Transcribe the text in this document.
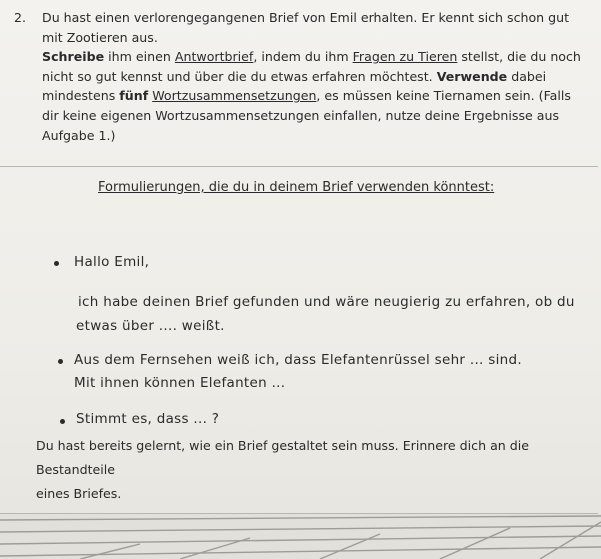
2. Du hast einen verlorengegangenen Brief von Emil erhalten. Er kennt sich schon gut
mit Zootieren aus.
Schreibe ihm einen Antwortbrief, indem du ihm Fragen zu Tieren stellst, die du noch
nicht so gut kennst und über die du etwas erfahren möchtest. Verwende dabei
mindestens fünf Wortzusammensetzungen, es müssen keine Tiernamen sein. (Falls
dir keine eigenen Wortzusammensetzungen einfallen, nutze deine Ergebnisse aus
Aufgabe 1.)
Formulierungen, die du in deinem Brief verwenden könntest:
Hallo Emil,
ich habe deinen Brief gefunden und wäre neugierig zu erfahren, ob du
etwas über .... weißt.
Aus dem Fernsehen weiß ich, dass Elefantenrüssel sehr ... sind.
Mit ihnen können Elefanten ...
Stimmt es, dass ... ?
Du hast bereits gelernt, wie ein Brief gestaltet sein muss. Erinnere dich an die Bestandteile
eines Briefes.
